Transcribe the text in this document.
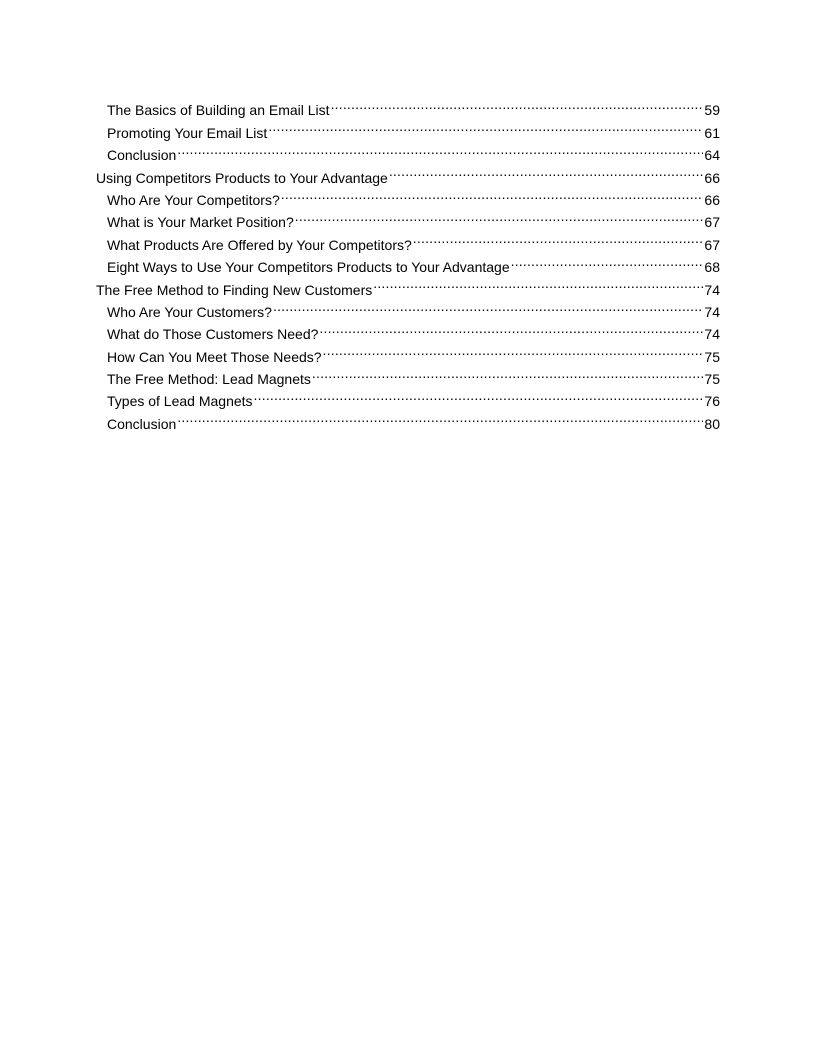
The Basics of Building an Email List .....	59
Promoting Your Email List .....	61
Conclusion .....	64
Using Competitors Products to Your Advantage .....	66
Who Are Your Competitors? .....	66
What is Your Market Position? .....	67
What Products Are Offered by Your Competitors? .....	67
Eight Ways to Use Your Competitors Products to Your Advantage .....	68
The Free Method to Finding New Customers .....	74
Who Are Your Customers? .....	74
What do Those Customers Need? .....	74
How Can You Meet Those Needs? .....	75
The Free Method: Lead Magnets .....	75
Types of Lead Magnets .....	76
Conclusion .....	80
